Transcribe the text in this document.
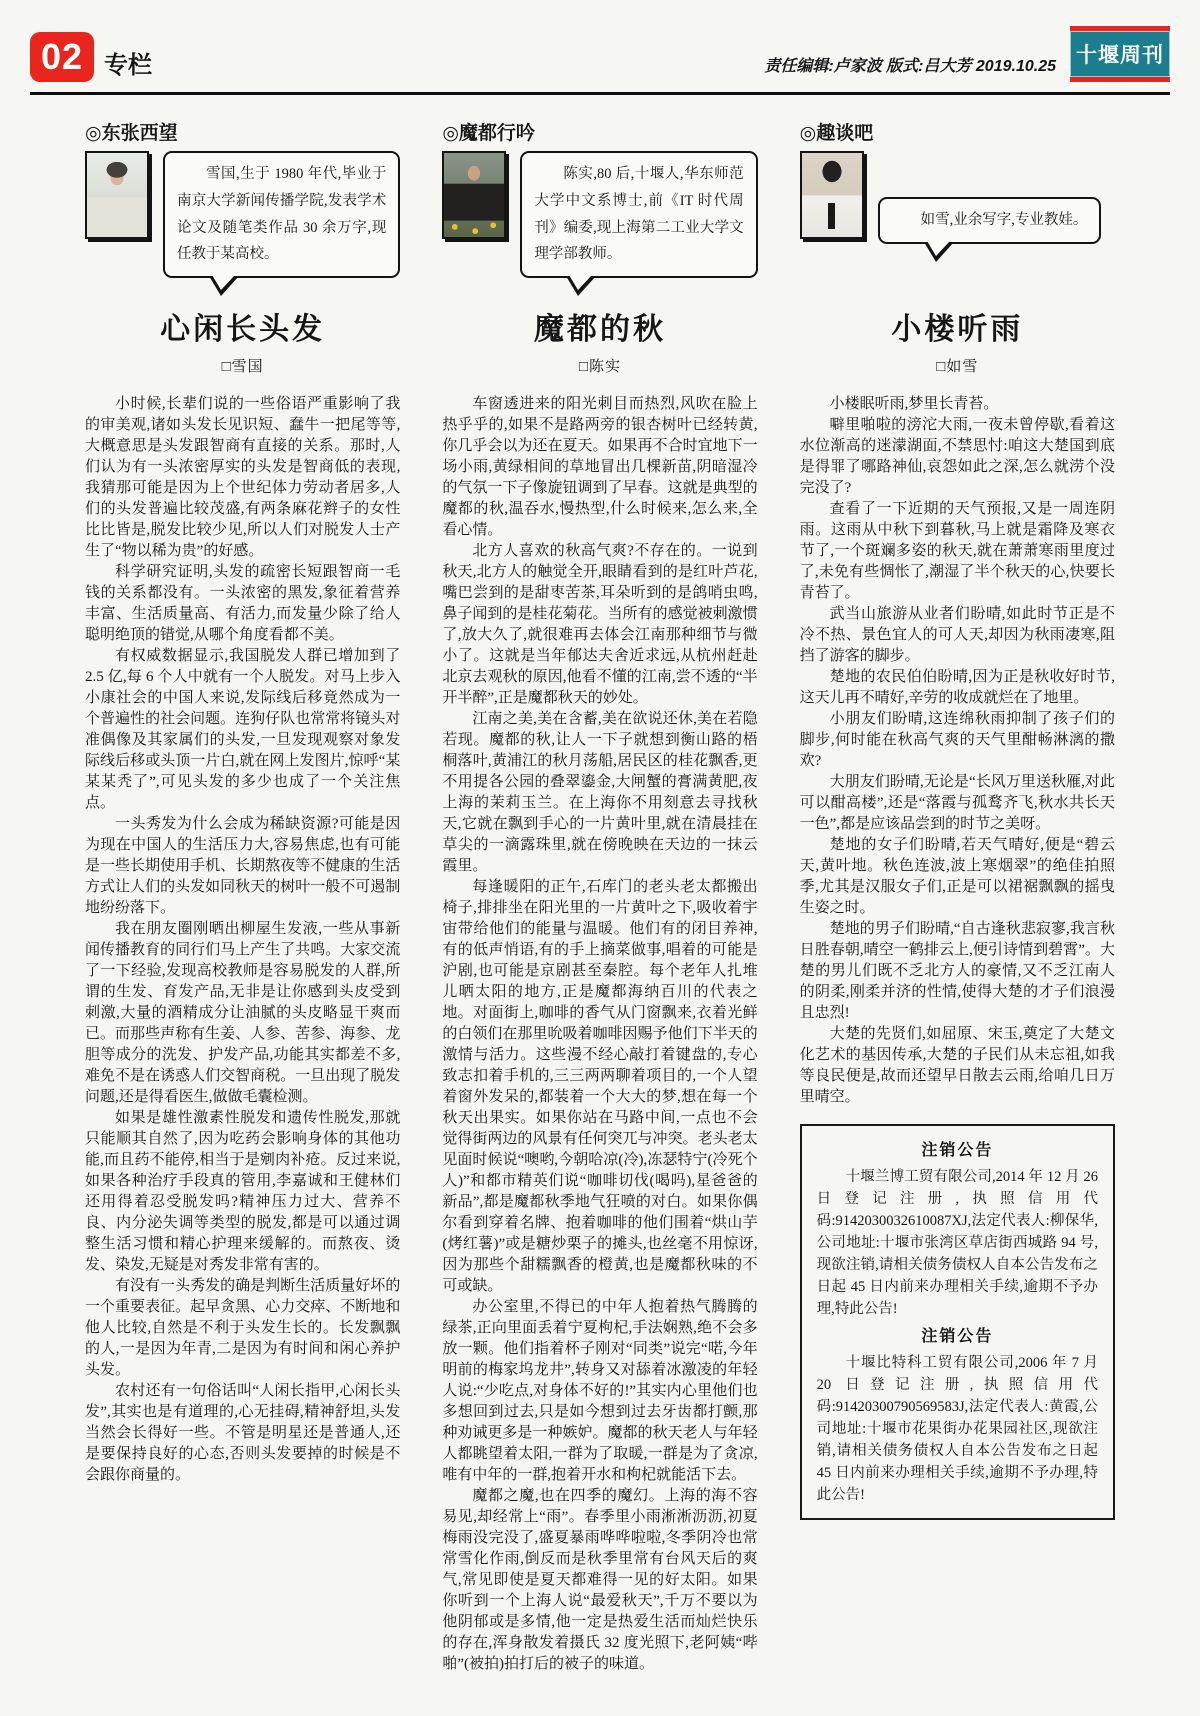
02 专栏	责任编辑:卢家波 版式:吕大芳 2019.10.25 十堰周刊
◎东张西望

雪国,生于 1980 年代,毕业于南京大学新闻传播学院,发表学术论文及随笔类作品 30 余万字,现任教于某高校。

◎魔都行吟

陈实,80 后,十堰人,华东师范大学中文系博士,前《IT 时代周刊》编委,现上海第二工业大学文理学部教师。

◎趣谈吧

如雪,业余写字,专业教娃。

心闲长头发
□雪国
魔都的秋
□陈实
小楼听雨
□如雪

小时候,长辈们说的一些俗语严重影响了我的审美观,诸如头发长见识短、蠢牛一把尾等等,大概意思是头发跟智商有直接的关系。那时,人们认为有一头浓密厚实的头发是智商低的表现,我猜那可能是因为上个世纪体力劳动者居多,人们的头发普遍比较茂盛,有两条麻花辫子的女性比比皆是,脱发比较少见,所以人们对脱发人士产生了“物以稀为贵”的好感。

科学研究证明,头发的疏密长短跟智商一毛钱的关系都没有。一头浓密的黑发,象征着营养丰富、生活质量高、有活力,而发量少除了给人聪明绝顶的错觉,从哪个角度看都不美。

有权威数据显示,我国脱发人群已增加到了 2.5 亿,每 6 个人中就有一个人脱发。对马上步入小康社会的中国人来说,发际线后移竟然成为一个普遍性的社会问题。连狗仔队也常常将镜头对准偶像及其家属们的头发,一旦发现观察对象发际线后移或头顶一片白,就在网上发图片,惊呼“某某某秃了”,可见头发的多少也成了一个关注焦点。

一头秀发为什么会成为稀缺资源?可能是因为现在中国人的生活压力大,容易焦虑,也有可能是一些长期使用手机、长期熬夜等不健康的生活方式让人们的头发如同秋天的树叶一般不可遏制地纷纷落下。

我在朋友圈刚晒出柳屋生发液,一些从事新闻传播教育的同行们马上产生了共鸣。大家交流了一下经验,发现高校教师是容易脱发的人群,所谓的生发、育发产品,无非是让你感到头皮受到刺激,大量的酒精成分让油腻的头皮略显干爽而已。而那些声称有生姜、人参、苦参、海参、龙胆等成分的洗发、护发产品,功能其实都差不多,难免不是在诱惑人们交智商税。一旦出现了脱发问题,还是得看医生,做做毛囊检测。

如果是雄性激素性脱发和遗传性脱发,那就只能顺其自然了,因为吃药会影响身体的其他功能,而且药不能停,相当于是剜肉补疮。反过来说,如果各种治疗手段真的管用,李嘉诚和王健林们还用得着忍受脱发吗?精神压力过大、营养不良、内分泌失调等类型的脱发,都是可以通过调整生活习惯和精心护理来缓解的。而熬夜、烫发、染发,无疑是对秀发非常有害的。

有没有一头秀发的确是判断生活质量好坏的一个重要表征。起早贪黑、心力交瘁、不断地和他人比较,自然是不利于头发生长的。长发飘飘的人,一是因为年青,二是因为有时间和闲心养护头发。

农村还有一句俗话叫“人闲长指甲,心闲长头发”,其实也是有道理的,心无挂碍,精神舒坦,头发当然会长得好一些。不管是明星还是普通人,还是要保持良好的心态,否则头发要掉的时候是不会跟你商量的。

车窗透进来的阳光刺目而热烈,风吹在脸上热乎乎的,如果不是路两旁的银杏树叶已经转黄,你几乎会以为还在夏天。如果再不合时宜地下一场小雨,黄绿相间的草地冒出几棵新苗,阴暗湿冷的气氛一下子像旋钮调到了早春。这就是典型的魔都的秋,温吞水,慢热型,什么时候来,怎么来,全看心情。

北方人喜欢的秋高气爽?不存在的。一说到秋天,北方人的触觉全开,眼睛看到的是红叶芦花,嘴巴尝到的是甜枣苦茶,耳朵听到的是鸽哨虫鸣,鼻子闻到的是桂花菊花。当所有的感觉被刺激惯了,放大久了,就很难再去体会江南那种细节与微小了。这就是当年郁达夫舍近求远,从杭州赶赴北京去观秋的原因,他看不懂的江南,尝不透的“半开半醉”,正是魔都秋天的妙处。

江南之美,美在含蓄,美在欲说还休,美在若隐若现。魔都的秋,让人一下子就想到衡山路的梧桐落叶,黄浦江的秋月荡船,居民区的桂花飘香,更不用提各公园的叠翠鎏金,大闸蟹的膏满黄肥,夜上海的茉莉玉兰。在上海你不用刻意去寻找秋天,它就在飘到手心的一片黄叶里,就在清晨挂在草尖的一滴露珠里,就在傍晚映在天边的一抹云霞里。

每逢暖阳的正午,石库门的老头老太都搬出椅子,排排坐在阳光里的一片黄叶之下,吸收着宇宙带给他们的能量与温暖。他们有的闭目养神,有的低声悄语,有的手上摘菜做事,唱着的可能是沪剧,也可能是京剧甚至秦腔。每个老年人扎堆儿晒太阳的地方,正是魔都海纳百川的代表之地。对面街上,咖啡的香气从门窗飘来,衣着光鲜的白领们在那里吮吸着咖啡因赐予他们下半天的激情与活力。这些漫不经心敲打着键盘的,专心致志扣着手机的,三三两两聊着项目的,一个人望着窗外发呆的,都装着一个大大的梦,想在每一个秋天出果实。如果你站在马路中间,一点也不会觉得街两边的风景有任何突兀与冲突。老头老太见面时候说“噢哟,今朝哈凉(冷),冻瑟特宁(冷死个人)”和都市精英们说“咖啡切伐(喝吗),星爸爸的新品”,都是魔都秋季地气狂喷的对白。如果你偶尔看到穿着名牌、抱着咖啡的他们围着“烘山芋(烤红薯)”或是糖炒栗子的摊头,也丝毫不用惊讶,因为那些个甜糯飘香的橙黄,也是魔都秋味的不可或缺。

办公室里,不得已的中年人抱着热气腾腾的绿茶,正向里面丢着宁夏枸杞,手法娴熟,绝不会多放一颗。他们指着杯子刚对“同类”说完“喏,今年明前的梅家坞龙井”,转身又对舔着冰激凌的年轻人说:“少吃点,对身体不好的!”其实内心里他们也多想回到过去,只是如今想到过去牙齿都打颤,那种劝诫更多是一种嫉妒。魔都的秋天老人与年轻人都眺望着太阳,一群为了取暖,一群是为了贪凉,唯有中年的一群,抱着开水和枸杞就能活下去。

魔都之魔,也在四季的魔幻。上海的海不容易见,却经常上“雨”。春季里小雨淅淅沥沥,初夏梅雨没完没了,盛夏暴雨哗哗啦啦,冬季阴冷也常常雪化作雨,倒反而是秋季里常有台风天后的爽气,常见即使是夏天都难得一见的好太阳。如果你听到一个上海人说“最爱秋天”,千万不要以为他阴郁或是多情,他一定是热爱生活而灿烂快乐的存在,浑身散发着摄氏 32 度光照下,老阿姨“哔啪”(被拍)拍打后的被子的味道。

小楼眠听雨,梦里长青苔。

噼里啪啦的滂沱大雨,一夜未曾停歇,看着这水位渐高的迷濛湖面,不禁思忖:咱这大楚国到底是得罪了哪路神仙,哀怨如此之深,怎么就涝个没完没了?

查看了一下近期的天气预报,又是一周连阴雨。这雨从中秋下到暮秋,马上就是霜降及寒衣节了,一个斑斓多姿的秋天,就在萧萧寒雨里度过了,未免有些惆怅了,潮湿了半个秋天的心,快要长青苔了。

武当山旅游从业者们盼晴,如此时节正是不冷不热、景色宜人的可人天,却因为秋雨凄寒,阻挡了游客的脚步。

楚地的农民伯伯盼晴,因为正是秋收好时节,这天儿再不晴好,辛劳的收成就烂在了地里。

小朋友们盼晴,这连绵秋雨抑制了孩子们的脚步,何时能在秋高气爽的天气里酣畅淋漓的撒欢?

大朋友们盼晴,无论是“长风万里送秋雁,对此可以酣高楼”,还是“落霞与孤鹜齐飞,秋水共长天一色”,都是应该品尝到的时节之美呀。

楚地的女子们盼晴,若天气晴好,便是“碧云天,黄叶地。秋色连波,波上寒烟翠”的绝佳拍照季,尤其是汉服女子们,正是可以裙裾飘飘的摇曳生姿之时。

楚地的男子们盼晴,“自古逢秋悲寂寥,我言秋日胜春朝,晴空一鹤排云上,便引诗情到碧霄”。大楚的男儿们既不乏北方人的豪情,又不乏江南人的阴柔,刚柔并济的性情,使得大楚的才子们浪漫且忠烈!

大楚的先贤们,如屈原、宋玉,奠定了大楚文化艺术的基因传承,大楚的子民们从未忘祖,如我等良民便是,故而还望早日散去云雨,给咱几日万里晴空。

注销公告

十堰兰博工贸有限公司,2014 年 12 月 26 日登记注册,执照信用代码:9142030032610087XJ,法定代表人:柳保华,公司地址:十堰市张湾区草店街西城路 94 号,现欲注销,请相关债务债权人自本公告发布之日起 45 日内前来办理相关手续,逾期不予办理,特此公告!

注销公告

十堰比特科工贸有限公司,2006 年 7 月 20 日登记注册,执照信用代码:91420300790569583J,法定代表人:黄霞,公司地址:十堰市花果街办花果园社区,现欲注销,请相关债务债权人自本公告发布之日起 45 日内前来办理相关手续,逾期不予办理,特此公告!
